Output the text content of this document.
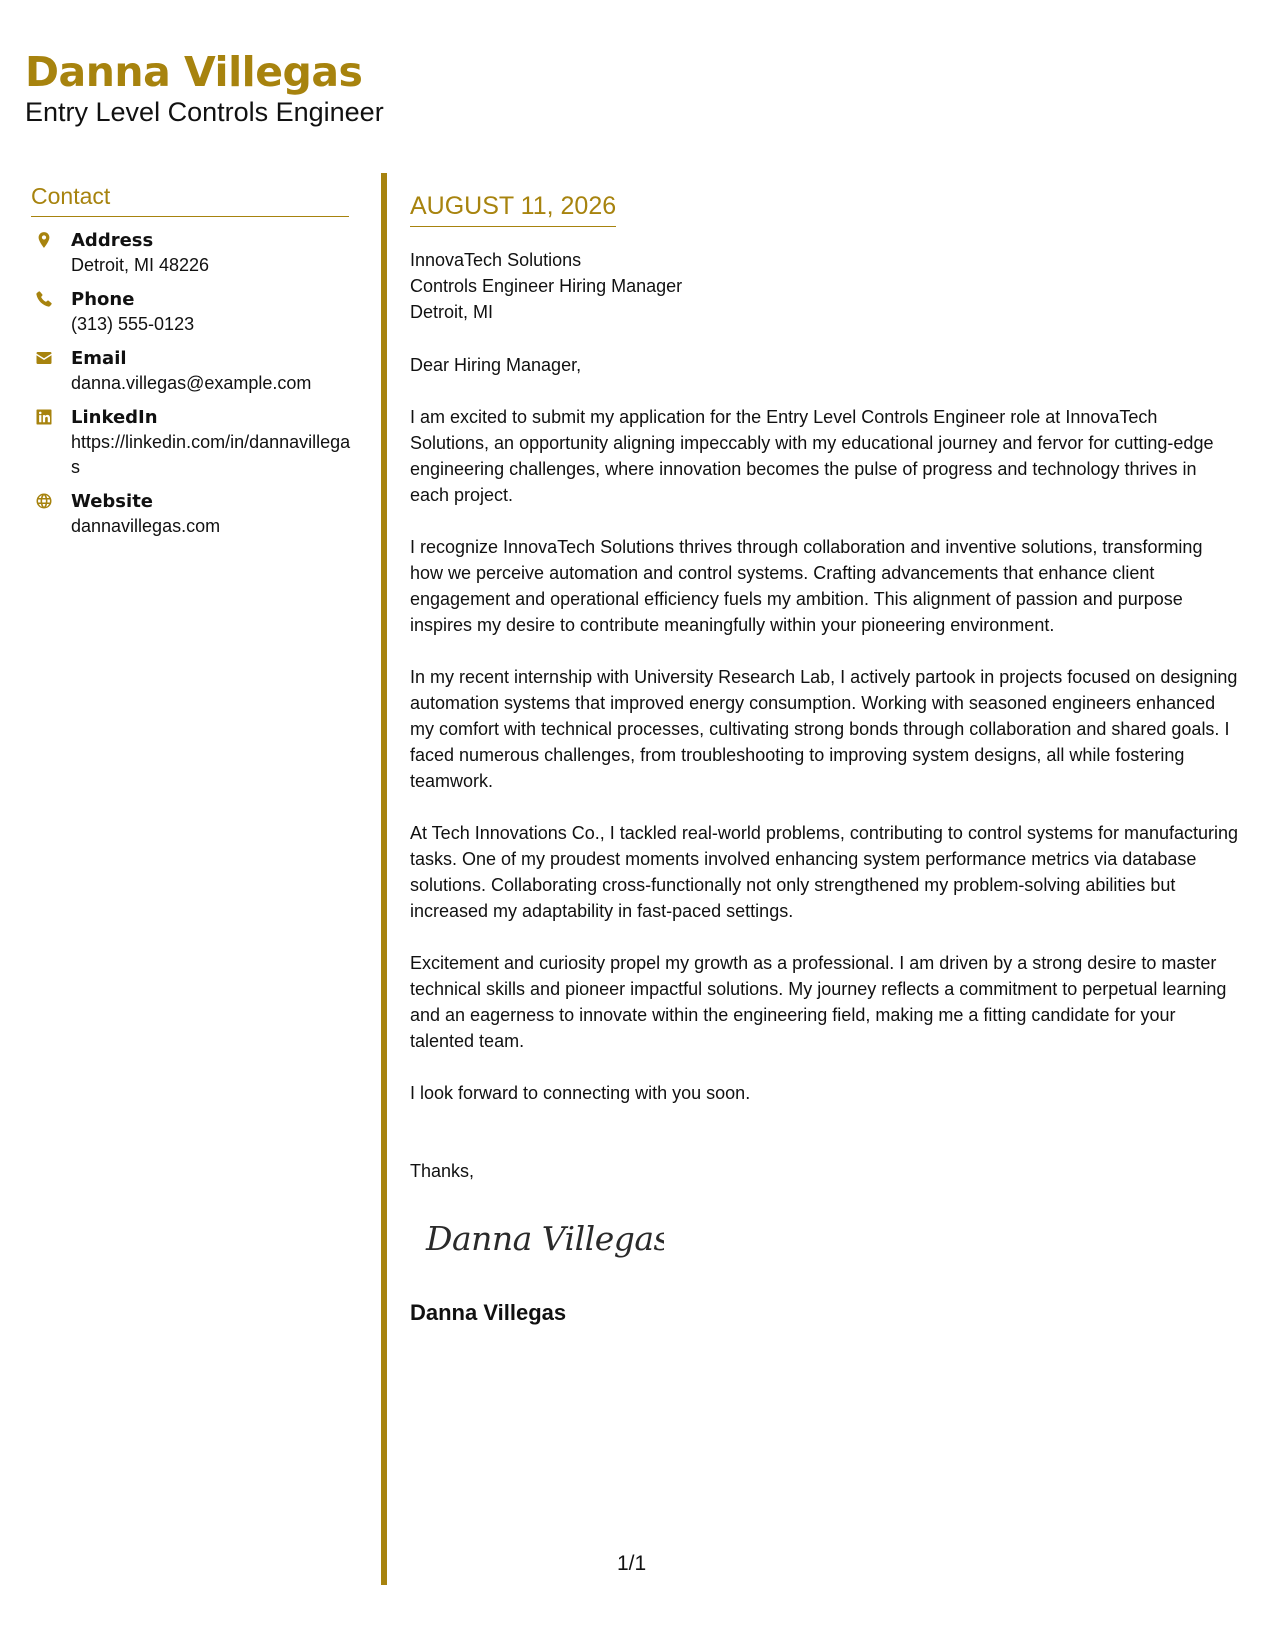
Danna Villegas
Entry Level Controls Engineer
Contact
Address
Detroit, MI 48226
Phone
(313) 555-0123
Email
danna.villegas@example.com
LinkedIn
https://linkedin.com/in/dannavillegas
Website
dannavillegas.com
AUGUST 11, 2026
InnovaTech Solutions
Controls Engineer Hiring Manager
Detroit, MI
Dear Hiring Manager,
I am excited to submit my application for the Entry Level Controls Engineer role at InnovaTech Solutions, an opportunity aligning impeccably with my educational journey and fervor for cutting-edge engineering challenges, where innovation becomes the pulse of progress and technology thrives in each project.
I recognize InnovaTech Solutions thrives through collaboration and inventive solutions, transforming how we perceive automation and control systems. Crafting advancements that enhance client engagement and operational efficiency fuels my ambition. This alignment of passion and purpose inspires my desire to contribute meaningfully within your pioneering environment.
In my recent internship with University Research Lab, I actively partook in projects focused on designing automation systems that improved energy consumption. Working with seasoned engineers enhanced my comfort with technical processes, cultivating strong bonds through collaboration and shared goals. I faced numerous challenges, from troubleshooting to improving system designs, all while fostering teamwork.
At Tech Innovations Co., I tackled real-world problems, contributing to control systems for manufacturing tasks. One of my proudest moments involved enhancing system performance metrics via database solutions. Collaborating cross-functionally not only strengthened my problem-solving abilities but increased my adaptability in fast-paced settings.
Excitement and curiosity propel my growth as a professional. I am driven by a strong desire to master technical skills and pioneer impactful solutions. My journey reflects a commitment to perpetual learning and an eagerness to innovate within the engineering field, making me a fitting candidate for your talented team.
I look forward to connecting with you soon.
Thanks,
Danna Villegas
Danna Villegas
1/1
